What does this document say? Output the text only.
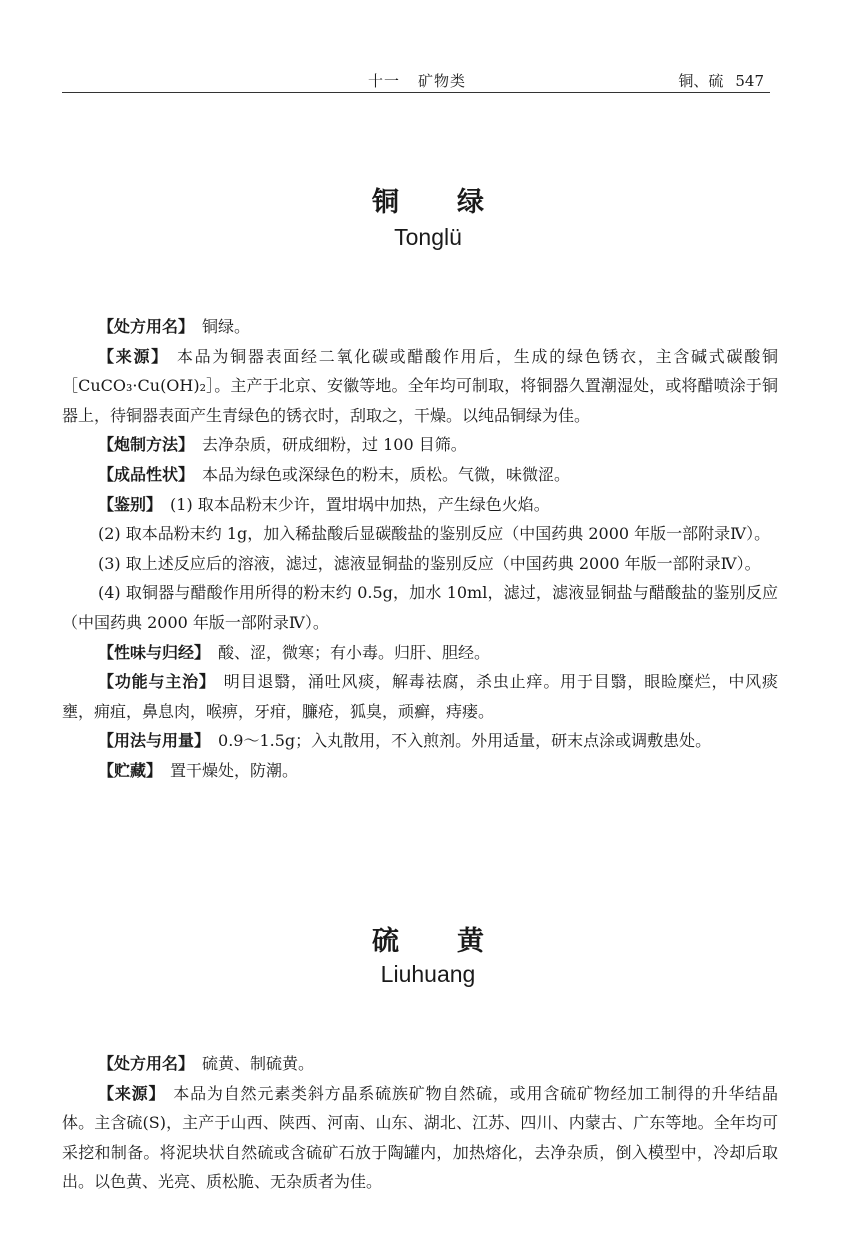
十一 矿物类	铜、硫 547
铜绿
Tonglü

【处方用名】 铜绿。

【来源】 本品为铜器表面经二氧化碳或醋酸作用后，生成的绿色锈衣，主含碱式碳酸铜［CuCO₃·Cu(OH)₂］。主产于北京、安徽等地。全年均可制取，将铜器久置潮湿处，或将醋喷涂于铜器上，待铜器表面产生青绿色的锈衣时，刮取之，干燥。以纯品铜绿为佳。

【炮制方法】 去净杂质，研成细粉，过 100 目筛。

【成品性状】 本品为绿色或深绿色的粉末，质松。气微，味微涩。

【鉴别】 (1) 取本品粉末少许，置坩埚中加热，产生绿色火焰。

(2) 取本品粉末约 1g，加入稀盐酸后显碳酸盐的鉴别反应（中国药典 2000 年版一部附录Ⅳ）。

(3) 取上述反应后的溶液，滤过，滤液显铜盐的鉴别反应（中国药典 2000 年版一部附录Ⅳ）。

(4) 取铜器与醋酸作用所得的粉末约 0.5g，加水 10ml，滤过，滤液显铜盐与醋酸盐的鉴别反应（中国药典 2000 年版一部附录Ⅳ）。

【性味与归经】 酸、涩，微寒；有小毒。归肝、胆经。

【功能与主治】 明目退翳，涌吐风痰，解毒祛腐，杀虫止痒。用于目翳，眼睑糜烂，中风痰壅，痈疽，鼻息肉，喉痹，牙疳，臁疮，狐臭，顽癣，痔瘘。

【用法与用量】 0.9～1.5g；入丸散用，不入煎剂。外用适量，研末点涂或调敷患处。

【贮藏】 置干燥处，防潮。

硫黄
Liuhuang

【处方用名】 硫黄、制硫黄。

【来源】 本品为自然元素类斜方晶系硫族矿物自然硫，或用含硫矿物经加工制得的升华结晶体。主含硫(S)，主产于山西、陕西、河南、山东、湖北、江苏、四川、内蒙古、广东等地。全年均可采挖和制备。将泥块状自然硫或含硫矿石放于陶罐内，加热熔化，去净杂质，倒入模型中，冷却后取出。以色黄、光亮、质松脆、无杂质者为佳。
